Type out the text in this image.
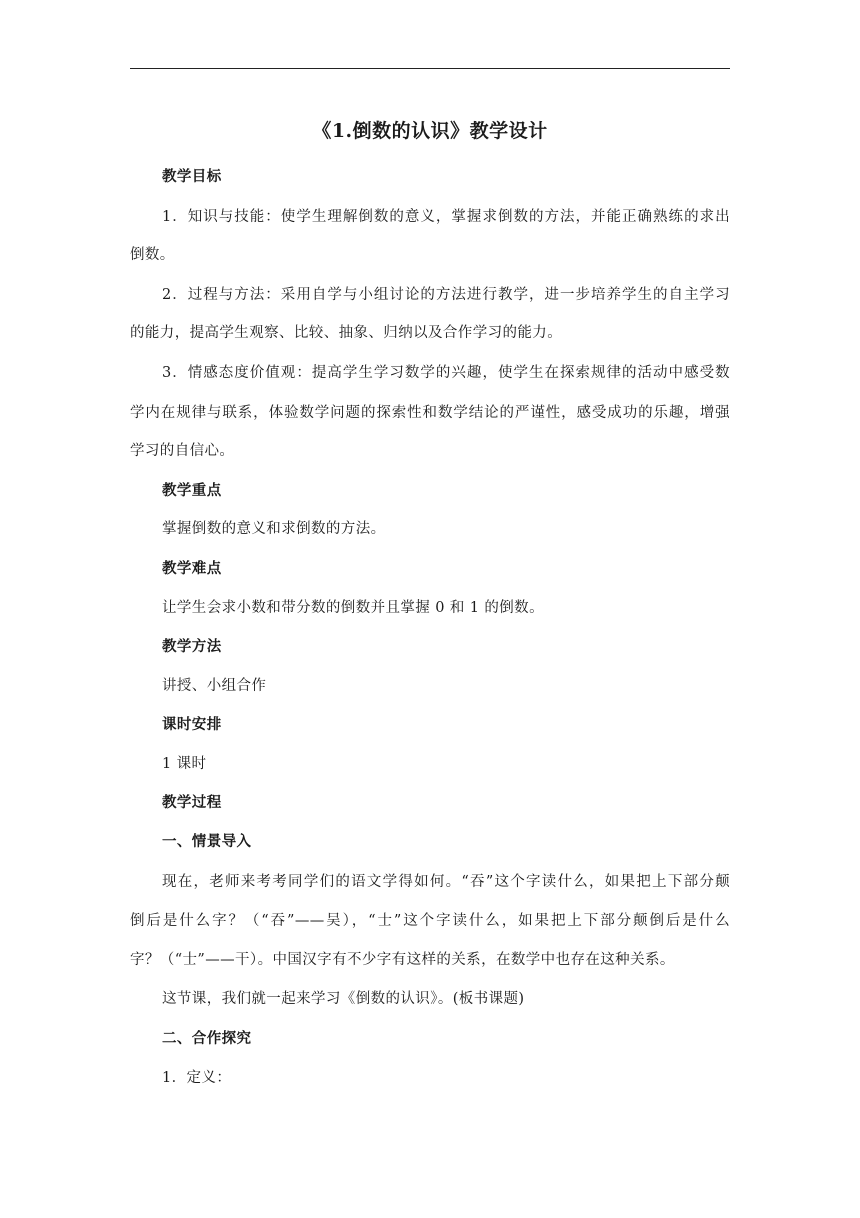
《1.倒数的认识》教学设计
教学目标
1．知识与技能：使学生理解倒数的意义，掌握求倒数的方法，并能正确熟练的求出
倒数。
2．过程与方法：采用自学与小组讨论的方法进行教学，进一步培养学生的自主学习
的能力，提高学生观察、比较、抽象、归纳以及合作学习的能力。
3．情感态度价值观：提高学生学习数学的兴趣，使学生在探索规律的活动中感受数
学内在规律与联系，体验数学问题的探索性和数学结论的严谨性，感受成功的乐趣，增强
学习的自信心。
教学重点
掌握倒数的意义和求倒数的方法。
教学难点
让学生会求小数和带分数的倒数并且掌握 0 和 1 的倒数。
教学方法
讲授、小组合作
课时安排
1 课时
教学过程
一、情景导入
现在，老师来考考同学们的语文学得如何。“吞”这个字读什么，如果把上下部分颠
倒后是什么字？（“吞”——吴），“士”这个字读什么，如果把上下部分颠倒后是什么
字？（“士”——干）。中国汉字有不少字有这样的关系，在数学中也存在这种关系。
这节课，我们就一起来学习《倒数的认识》。(板书课题)
二、合作探究
1．定义：
